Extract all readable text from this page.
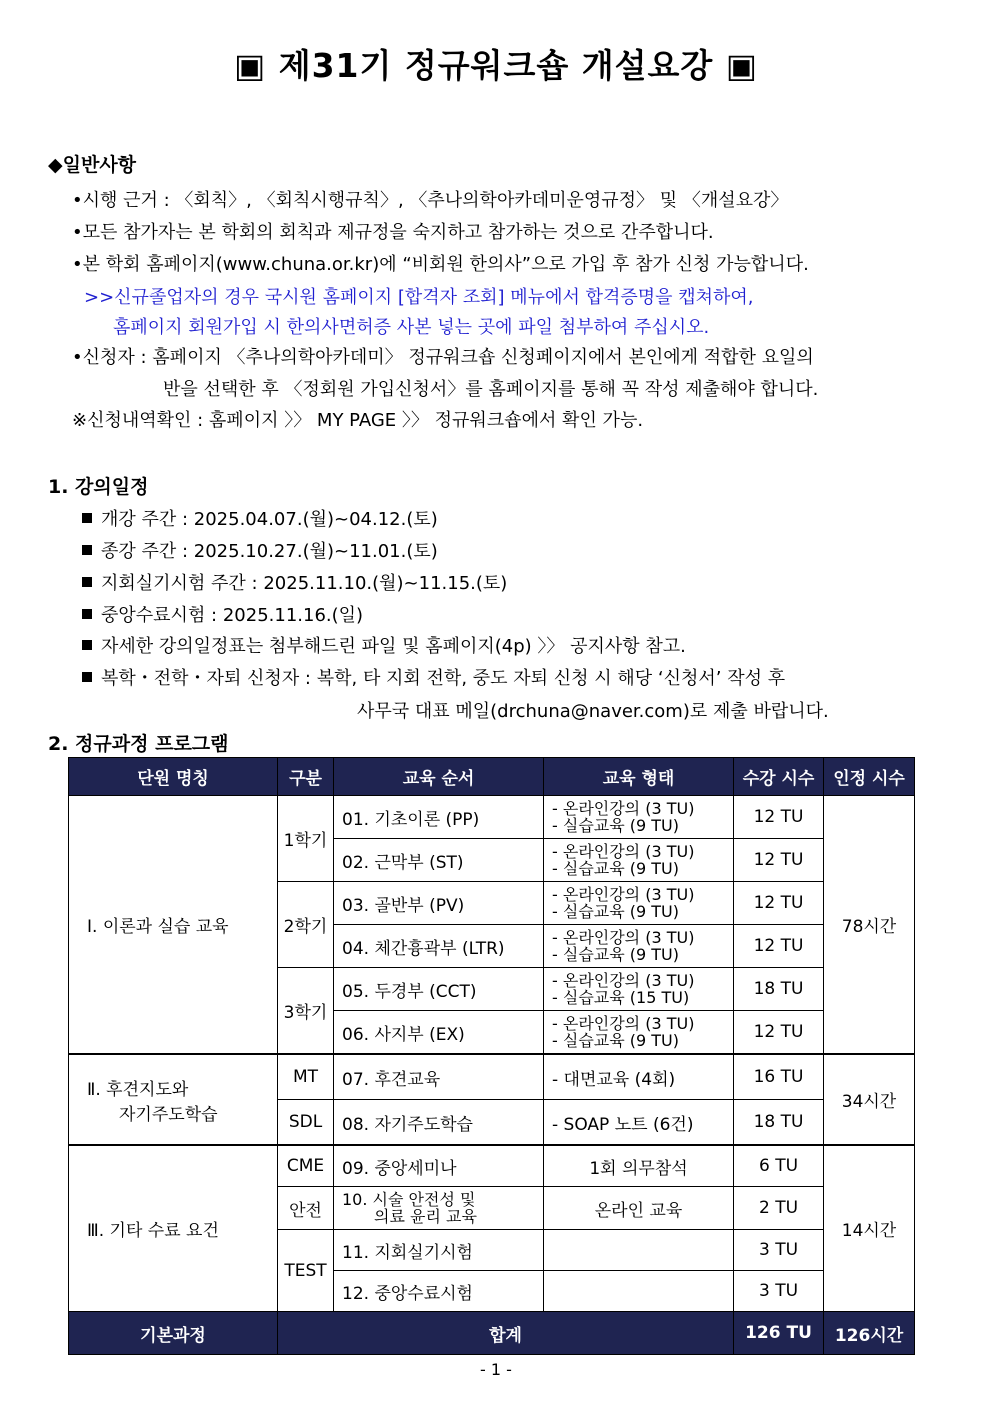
▣ 제31기 정규워크숍 개설요강 ▣
◆일반사항
•시행 근거 : 〈회칙〉, 〈회칙시행규칙〉, 〈추나의학아카데미운영규정〉 및 〈개설요강〉
•모든 참가자는 본 학회의 회칙과 제규정을 숙지하고 참가하는 것으로 간주합니다.
•본 학회 홈페이지(www.chuna.or.kr)에 “비회원 한의사”으로 가입 후 참가 신청 가능합니다.
>>신규졸업자의 경우 국시원 홈페이지 [합격자 조회] 메뉴에서 합격증명을 캡쳐하여,
홈페이지 회원가입 시 한의사면허증 사본 넣는 곳에 파일 첨부하여 주십시오.
•신청자 : 홈페이지 〈추나의학아카데미〉 정규워크숍 신청페이지에서 본인에게 적합한 요일의
반을 선택한 후 〈정회원 가입신청서〉를 홈페이지를 통해 꼭 작성 제출해야 합니다.
※신청내역확인 : 홈페이지 〉〉 MY PAGE 〉〉 정규워크숍에서 확인 가능.
1. 강의일정
개강 주간 : 2025.04.07.(월)~04.12.(토)
종강 주간 : 2025.10.27.(월)~11.01.(토)
지회실기시험 주간 : 2025.11.10.(월)~11.15.(토)
중앙수료시험 : 2025.11.16.(일)
자세한 강의일정표는 첨부해드린 파일 및 홈페이지(4p) 〉〉 공지사항 참고.
복학・전학・자퇴 신청자 : 복학, 타 지회 전학, 중도 자퇴 신청 시 해당 ‘신청서’ 작성 후
사무국 대표 메일(drchuna@naver.com)로 제출 바랍니다.
2. 정규과정 프로그램
단원 명칭	구분	교육 순서	교육 형태	수강 시수	인정 시수
Ⅰ. 이론과 실습 교육	1학기	01. 기초이론 (PP)	- 온라인강의 (3 TU)
- 실습교육 (9 TU)	12 TU	78시간
		02. 근막부 (ST)	- 온라인강의 (3 TU)
- 실습교육 (9 TU)	12 TU	
	2학기	03. 골반부 (PV)	- 온라인강의 (3 TU)
- 실습교육 (9 TU)	12 TU	
		04. 체간흉곽부 (LTR)	- 온라인강의 (3 TU)
- 실습교육 (9 TU)	12 TU	
	3학기	05. 두경부 (CCT)	- 온라인강의 (3 TU)
- 실습교육 (15 TU)	18 TU	
		06. 사지부 (EX)	- 온라인강의 (3 TU)
- 실습교육 (9 TU)	12 TU	

Ⅱ. 후견지도와
자기주도학습	MT	07. 후견교육	- 대면교육 (4회)	16 TU	34시간
	SDL	08. 자기주도학습	- SOAP 노트 (6건)	18 TU	
Ⅲ. 기타 수료 요건	CME	09. 중앙세미나	1회 의무참석	6 TU	14시간
	안전	10. 시술 안전성 및
의료 윤리 교육	온라인 교육	2 TU	
	TEST	11. 지회실기시험		3 TU	
		12. 중앙수료시험		3 TU	
기본과정	합계			126 TU	126시간
- 1 -
